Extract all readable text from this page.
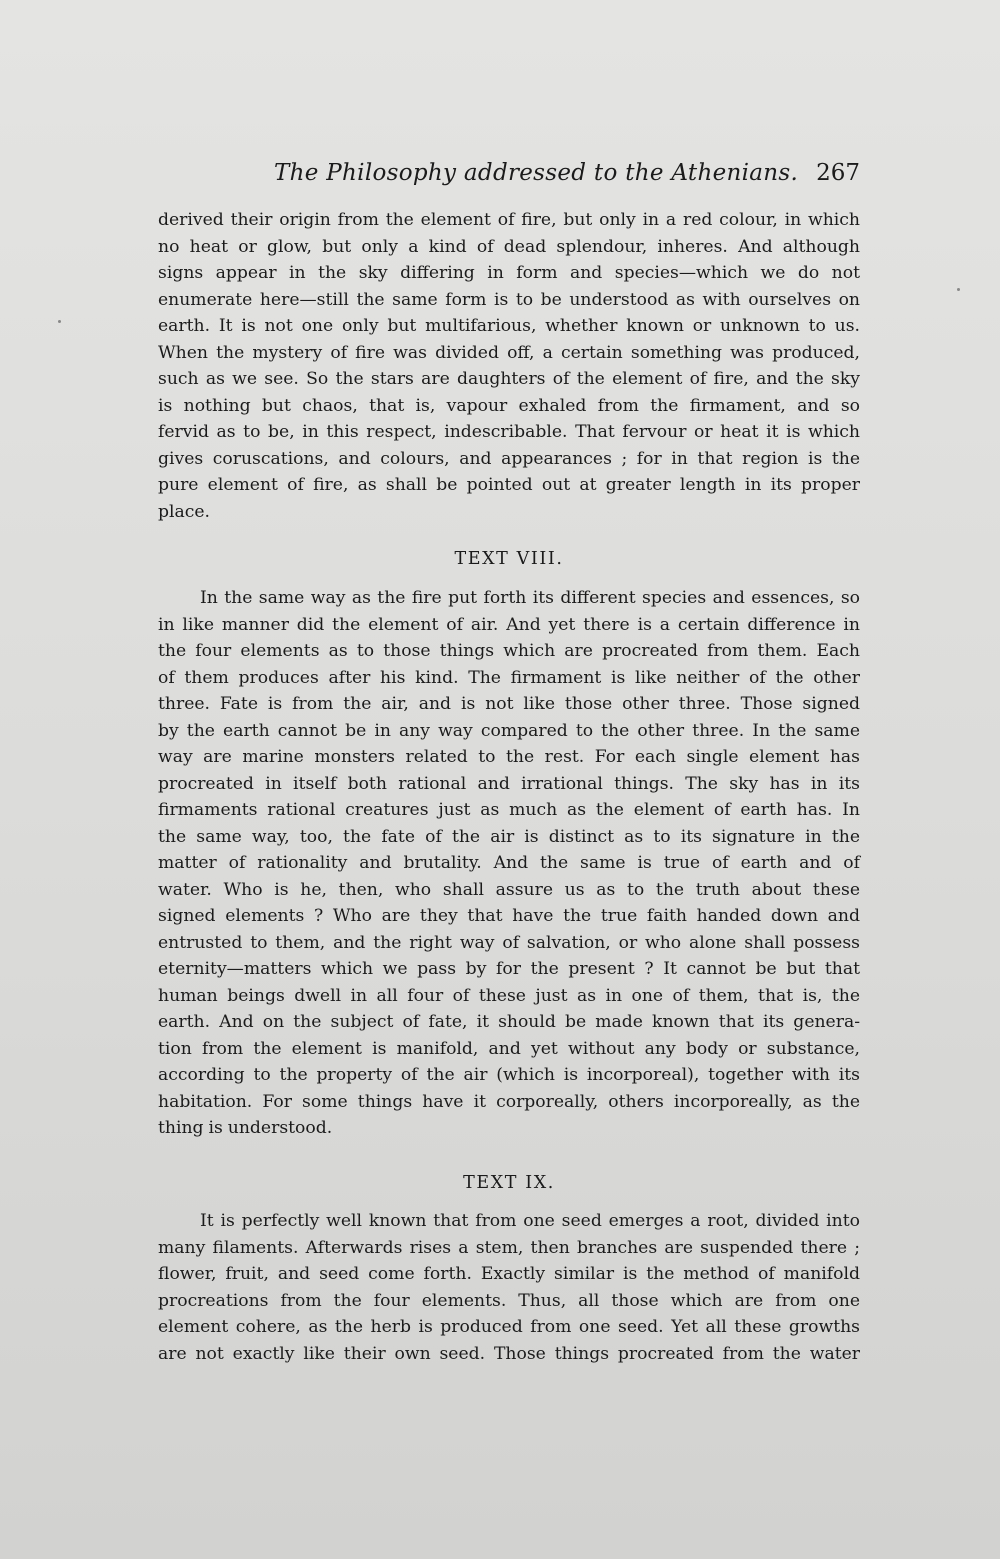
The Philosophy addressed to the Athenians. 267
derived their origin from the element of fire, but only in a red colour, in which
no heat or glow, but only a kind of dead splendour, inheres. And although
signs appear in the sky differing in form and species—which we do not
enumerate here—still the same form is to be understood as with ourselves on
earth. It is not one only but multifarious, whether known or unknown to us.
When the mystery of fire was divided off, a certain something was produced,
such as we see. So the stars are daughters of the element of fire, and the sky
is nothing but chaos, that is, vapour exhaled from the firmament, and so
fervid as to be, in this respect, indescribable. That fervour or heat it is which
gives coruscations, and colours, and appearances ; for in that region is the
pure element of fire, as shall be pointed out at greater length in its proper
place.
TEXT VIII.
In the same way as the fire put forth its different species and essences, so
in like manner did the element of air. And yet there is a certain difference in
the four elements as to those things which are procreated from them. Each
of them produces after his kind. The firmament is like neither of the other
three. Fate is from the air, and is not like those other three. Those signed
by the earth cannot be in any way compared to the other three. In the same
way are marine monsters related to the rest. For each single element has
procreated in itself both rational and irrational things. The sky has in its
firmaments rational creatures just as much as the element of earth has. In
the same way, too, the fate of the air is distinct as to its signature in the
matter of rationality and brutality. And the same is true of earth and of
water. Who is he, then, who shall assure us as to the truth about these
signed elements ? Who are they that have the true faith handed down and
entrusted to them, and the right way of salvation, or who alone shall possess
eternity—matters which we pass by for the present ? It cannot be but that
human beings dwell in all four of these just as in one of them, that is, the
earth. And on the subject of fate, it should be made known that its genera-
tion from the element is manifold, and yet without any body or substance,
according to the property of the air (which is incorporeal), together with its
habitation. For some things have it corporeally, others incorporeally, as the
thing is understood.
TEXT IX.
It is perfectly well known that from one seed emerges a root, divided into
many filaments. Afterwards rises a stem, then branches are suspended there ;
flower, fruit, and seed come forth. Exactly similar is the method of manifold
procreations from the four elements. Thus, all those which are from one
element cohere, as the herb is produced from one seed. Yet all these growths
are not exactly like their own seed. Those things procreated from the water
